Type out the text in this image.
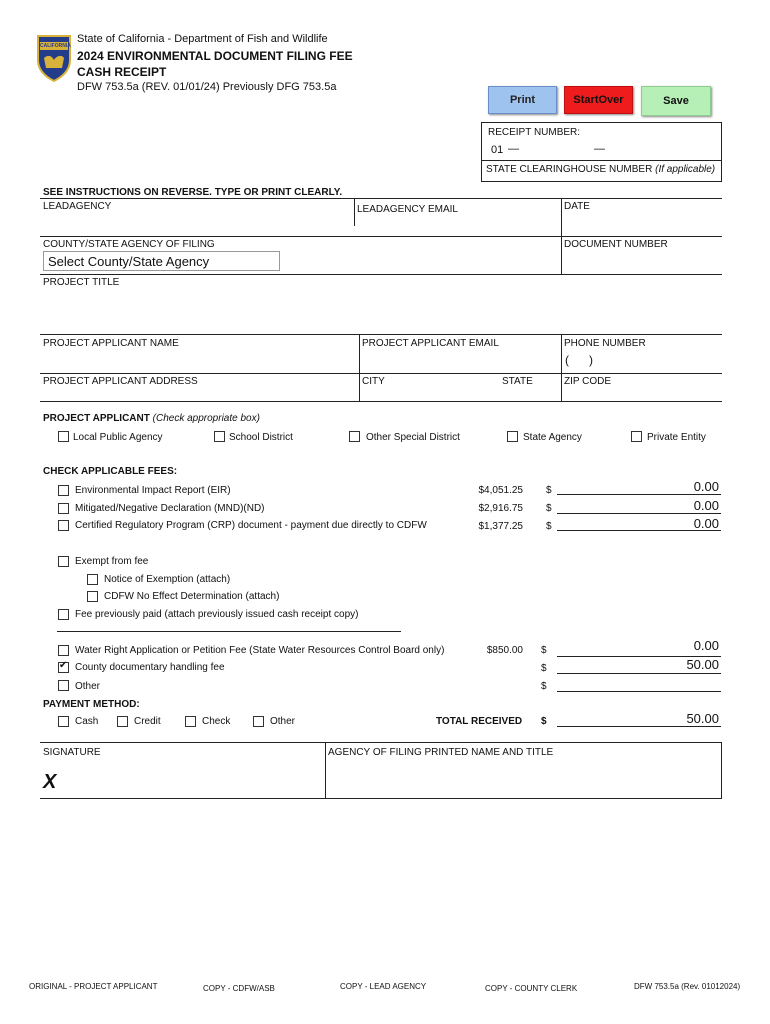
CALIFORNIA
State of California - Department of Fish and Wildlife
2024 ENVIRONMENTAL DOCUMENT FILING FEE
CASH RECEIPT
DFW 753.5a (REV. 01/01/24) Previously DFG 753.5a
Print	StartOver	Save
RECEIPT NUMBER:
01 —	—
STATE CLEARINGHOUSE NUMBER (If applicable)
SEE INSTRUCTIONS ON REVERSE. TYPE OR PRINT CLEARLY.
LEADAGENCY	LEADAGENCY EMAIL	DATE
COUNTY/STATE AGENCY OF FILING	DOCUMENT NUMBER
Select County/State Agency
PROJECT TITLE
PROJECT APPLICANT NAME	PROJECT APPLICANT EMAIL	PHONE NUMBER
(      )
PROJECT APPLICANT ADDRESS	CITY	STATE	ZIP CODE
PROJECT APPLICANT (Check appropriate box)
Local Public Agency	School District	Other Special District	State Agency	Private Entity
CHECK APPLICABLE FEES:
Environmental Impact Report (EIR)	$4,051.25 $	0.00
Mitigated/Negative Declaration (MND)(ND)	$2,916.75 $	0.00
Certified Regulatory Program (CRP) document - payment due directly to CDFW	$1,377.25 $	0.00
Exempt from fee
Notice of Exemption (attach)
CDFW No Effect Determination (attach)
Fee previously paid (attach previously issued cash receipt copy)
Water Right Application or Petition Fee (State Water Resources Control Board only)	$850.00 $	0.00
✔
County documentary handling fee	$	50.00
Other	$
PAYMENT METHOD:
Cash	Credit	Check	Other	TOTAL RECEIVED $	50.00
SIGNATURE
X
AGENCY OF FILING PRINTED NAME AND TITLE
ORIGINAL - PROJECT APPLICANT	COPY - CDFW/ASB	COPY - LEAD AGENCY	COPY - COUNTY CLERK	DFW 753.5a (Rev. 01012024)
